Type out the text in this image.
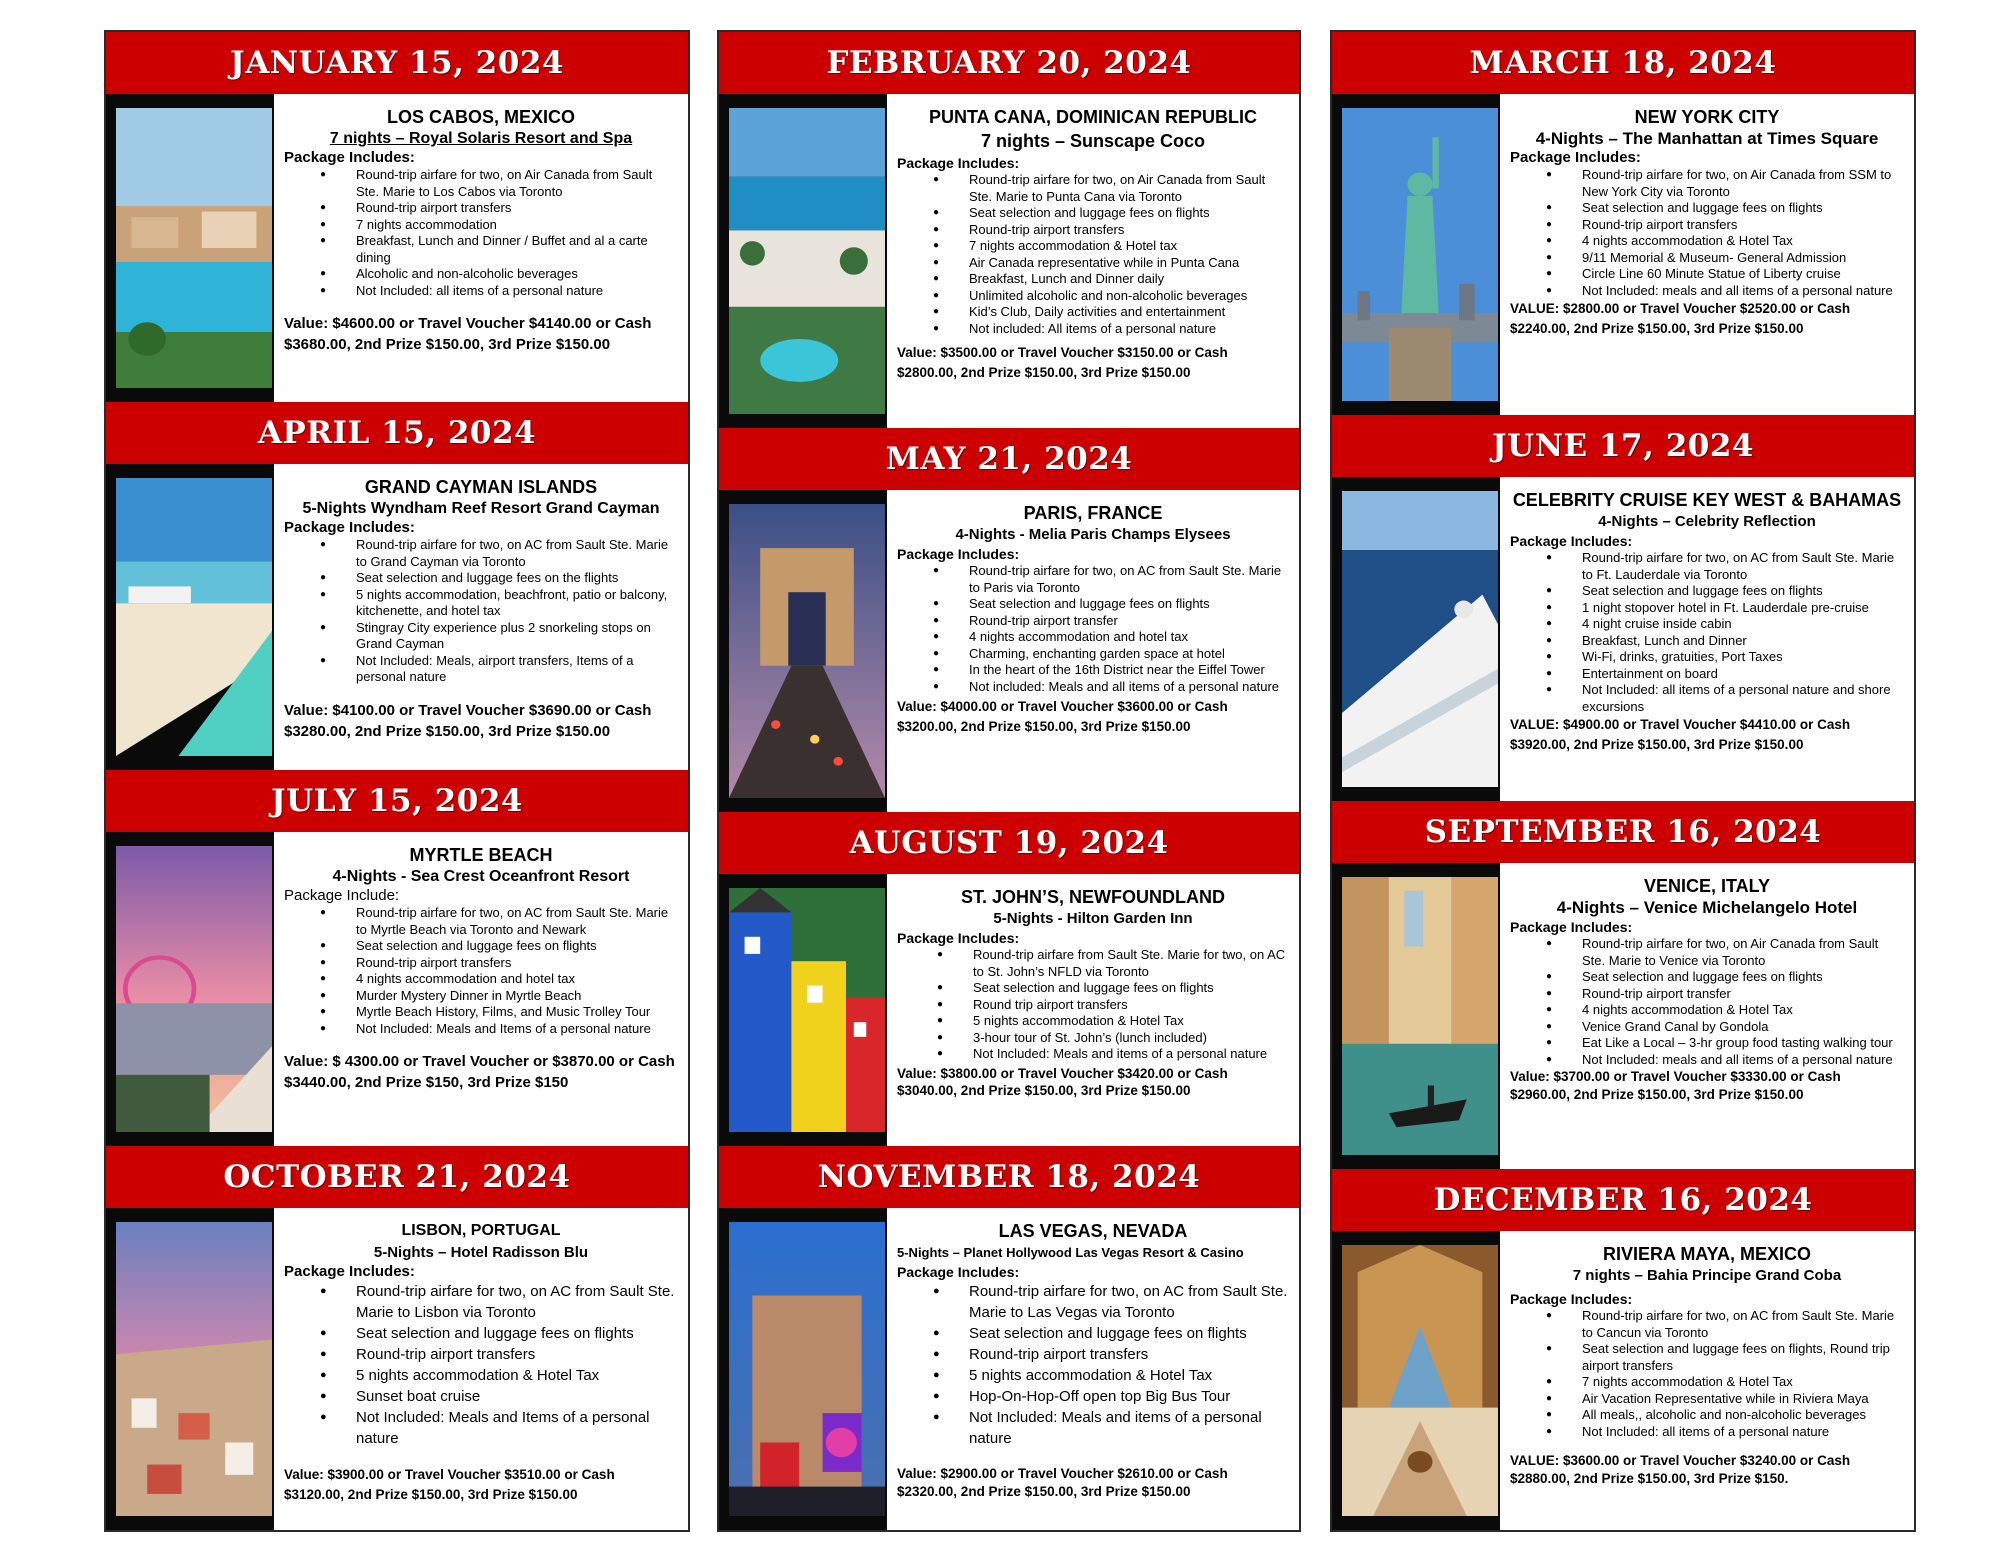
JANUARY 15, 2024
LOS CABOS, MEXICO
7 nights – Royal Solaris Resort and Spa
Package Includes:
● Round-trip airfare for two, on Air Canada from Sault Ste. Marie to Los Cabos via Toronto
● Round-trip airport transfers
● 7 nights accommodation
● Breakfast, Lunch and Dinner / Buffet and al a carte dining
● Alcoholic and non-alcoholic beverages
● Not Included: all items of a personal nature
Value: $4600.00 or Travel Voucher $4140.00 or Cash $3680.00, 2nd Prize $150.00, 3rd Prize $150.00
APRIL 15, 2024
GRAND CAYMAN ISLANDS
5-Nights Wyndham Reef Resort Grand Cayman
Package Includes:
● Round-trip airfare for two, on AC from Sault Ste. Marie to Grand Cayman via Toronto
● Seat selection and luggage fees on the flights
● 5 nights accommodation, beachfront, patio or balcony, kitchenette, and hotel tax
● Stingray City experience plus 2 snorkeling stops on Grand Cayman
● Not Included: Meals, airport transfers, Items of a personal nature
Value: $4100.00 or Travel Voucher $3690.00 or Cash $3280.00, 2nd Prize $150.00, 3rd Prize $150.00
JULY 15, 2024
MYRTLE BEACH
4-Nights - Sea Crest Oceanfront Resort
Package Include:
● Round-trip airfare for two, on AC from Sault Ste. Marie to Myrtle Beach via Toronto and Newark
● Seat selection and luggage fees on flights
● Round-trip airport transfers
● 4 nights accommodation and hotel tax
● Murder Mystery Dinner in Myrtle Beach
● Myrtle Beach History, Films, and Music Trolley Tour
● Not Included: Meals and Items of a personal nature
Value: $ 4300.00 or Travel Voucher or $3870.00 or Cash $3440.00, 2nd Prize $150, 3rd Prize $150
OCTOBER 21, 2024
LISBON, PORTUGAL
5-Nights – Hotel Radisson Blu
Package Includes:
● Round-trip airfare for two, on AC from Sault Ste. Marie to Lisbon via Toronto
● Seat selection and luggage fees on flights
● Round-trip airport transfers
● 5 nights accommodation & Hotel Tax
● Sunset boat cruise
● Not Included: Meals and Items of a personal nature
Value: $3900.00 or Travel Voucher $3510.00 or Cash $3120.00, 2nd Prize $150.00, 3rd Prize $150.00
FEBRUARY 20, 2024
PUNTA CANA, DOMINICAN REPUBLIC
7 nights – Sunscape Coco
Package Includes:
● Round-trip airfare for two, on Air Canada from Sault Ste. Marie to Punta Cana via Toronto
● Seat selection and luggage fees on flights
● Round-trip airport transfers
● 7 nights accommodation & Hotel tax
● Air Canada representative while in Punta Cana
● Breakfast, Lunch and Dinner daily
● Unlimited alcoholic and non-alcoholic beverages
● Kid’s Club, Daily activities and entertainment
● Not included: All items of a personal nature
Value: $3500.00 or Travel Voucher $3150.00 or Cash $2800.00, 2nd Prize $150.00, 3rd Prize $150.00
MAY 21, 2024
PARIS, FRANCE
4-Nights - Melia Paris Champs Elysees
Package Includes:
● Round-trip airfare for two, on AC from Sault Ste. Marie to Paris via Toronto
● Seat selection and luggage fees on flights
● Round-trip airport transfer
● 4 nights accommodation and hotel tax
● Charming, enchanting garden space at hotel
● In the heart of the 16th District near the Eiffel Tower
● Not included: Meals and all items of a personal nature
Value: $4000.00 or Travel Voucher $3600.00 or Cash $3200.00, 2nd Prize $150.00, 3rd Prize $150.00
AUGUST 19, 2024
ST. JOHN’S, NEWFOUNDLAND
5-Nights - Hilton Garden Inn
Package Includes:
● Round-trip airfare from Sault Ste. Marie for two, on AC to St. John’s NFLD via Toronto
● Seat selection and luggage fees on flights
● Round trip airport transfers
● 5 nights accommodation & Hotel Tax
● 3-hour tour of St. John’s (lunch included)
● Not Included: Meals and items of a personal nature
Value: $3800.00 or Travel Voucher $3420.00 or Cash $3040.00, 2nd Prize $150.00, 3rd Prize $150.00
NOVEMBER 18, 2024
LAS VEGAS, NEVADA
5-Nights – Planet Hollywood Las Vegas Resort & Casino
Package Includes:
● Round-trip airfare for two, on AC from Sault Ste. Marie to Las Vegas via Toronto
● Seat selection and luggage fees on flights
● Round-trip airport transfers
● 5 nights accommodation & Hotel Tax
● Hop-On-Hop-Off open top Big Bus Tour
● Not Included: Meals and items of a personal nature
Value: $2900.00 or Travel Voucher $2610.00 or Cash $2320.00, 2nd Prize $150.00, 3rd Prize $150.00
MARCH 18, 2024
NEW YORK CITY
4-Nights – The Manhattan at Times Square
Package Includes:
● Round-trip airfare for two, on Air Canada from SSM to New York City via Toronto
● Seat selection and luggage fees on flights
● Round-trip airport transfers
● 4 nights accommodation & Hotel Tax
● 9/11 Memorial & Museum- General Admission
● Circle Line 60 Minute Statue of Liberty cruise
● Not Included: meals and all items of a personal nature
VALUE: $2800.00 or Travel Voucher $2520.00 or Cash $2240.00, 2nd Prize $150.00, 3rd Prize $150.00
JUNE 17, 2024
CELEBRITY CRUISE KEY WEST & BAHAMAS
4-Nights – Celebrity Reflection
Package Includes:
● Round-trip airfare for two, on AC from Sault Ste. Marie to Ft. Lauderdale via Toronto
● Seat selection and luggage fees on flights
● 1 night stopover hotel in Ft. Lauderdale pre-cruise
● 4 night cruise inside cabin
● Breakfast, Lunch and Dinner
● Wi-Fi, drinks, gratuities, Port Taxes
● Entertainment on board
● Not Included: all items of a personal nature and shore excursions
VALUE: $4900.00 or Travel Voucher $4410.00 or Cash $3920.00, 2nd Prize $150.00, 3rd Prize $150.00
SEPTEMBER 16, 2024
VENICE, ITALY
4-Nights – Venice Michelangelo Hotel
Package Includes:
● Round-trip airfare for two, on Air Canada from Sault Ste. Marie to Venice via Toronto
● Seat selection and luggage fees on flights
● Round-trip airport transfer
● 4 nights accommodation & Hotel Tax
● Venice Grand Canal by Gondola
● Eat Like a Local – 3-hr group food tasting walking tour
● Not Included: meals and all items of a personal nature
Value: $3700.00 or Travel Voucher $3330.00 or Cash $2960.00, 2nd Prize $150.00, 3rd Prize $150.00
DECEMBER 16, 2024
RIVIERA MAYA, MEXICO
7 nights – Bahia Principe Grand Coba
Package Includes:
● Round-trip airfare for two, on AC from Sault Ste. Marie to Cancun via Toronto
● Seat selection and luggage fees on flights, Round trip airport transfers
● 7 nights accommodation & Hotel Tax
● Air Vacation Representative while in Riviera Maya
● All meals,, alcoholic and non-alcoholic beverages
● Not Included: all items of a personal nature
VALUE: $3600.00 or Travel Voucher $3240.00 or Cash $2880.00, 2nd Prize $150.00, 3rd Prize $150.
